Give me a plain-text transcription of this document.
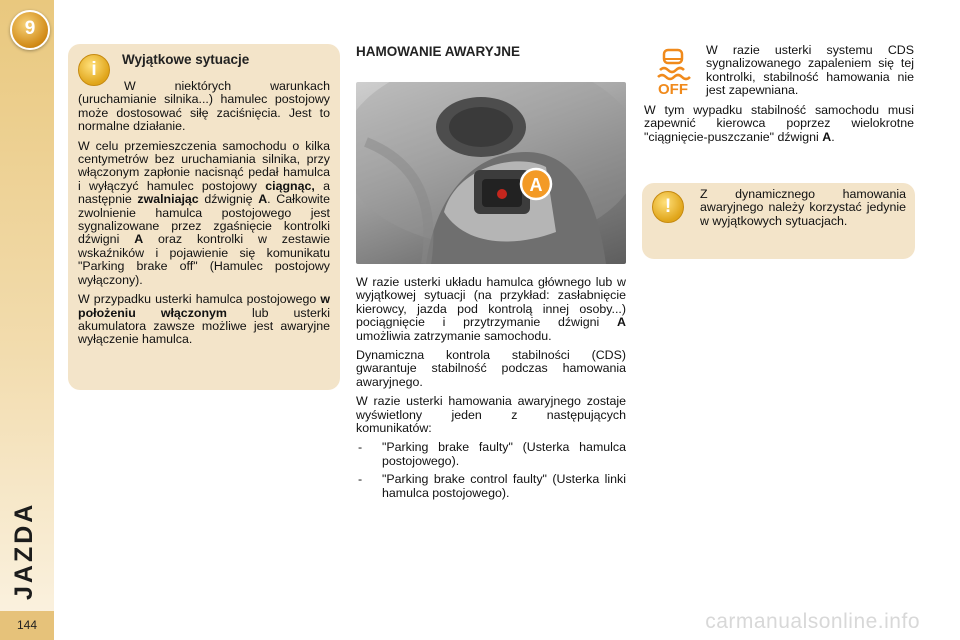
9
JAZDA
144
i	Wyjątkowe sytuacje

W niektórych warunkach (uruchamianie silnika...) hamulec postojowy może dostosować siłę zaciśnięcia. Jest to normalne działanie.

W celu przemieszczenia samochodu o kilka centymetrów bez uruchamiania silnika, przy włączonym zapłonie nacisnąć pedał hamulca i wyłączyć hamulec postojowy ciągnąc, a następnie zwalniając dźwignię A. Całkowite zwolnienie hamulca postojowego jest sygnalizowane przez zgaśnięcie kontrolki dźwigni A oraz kontrolki w zestawie wskaźników i pojawienie się komunikatu "Parking brake off" (Hamulec postojowy wyłączony).

W przypadku usterki hamulca postojowego w położeniu włączonym lub usterki akumulatora zawsze możliwe jest awaryjne wyłączenie hamulca.

HAMOWANIE AWARYJNE
A

W razie usterki układu hamulca głównego lub w wyjątkowej sytuacji (na przykład: zasłabnięcie kierowcy, jazda pod kontrolą innej osoby...) pociągnięcie i przytrzymanie dźwigni A umożliwia zatrzymanie samochodu.

Dynamiczna kontrola stabilności (CDS) gwarantuje stabilność podczas hamowania awaryjnego.

W razie usterki hamowania awaryjnego zostaje wyświetlony jeden z następujących komunikatów:

- "Parking brake faulty" (Usterka hamulca postojowego).
- "Parking brake control faulty" (Usterka linki hamulca postojowego).
OFF
W razie usterki systemu CDS sygnalizowanego zapaleniem się tej kontrolki, stabilność hamowania nie jest zapewniana.
W tym wypadku stabilność samochodu musi zapewnić kierowca poprzez wielokrotne "ciągnięcie-puszczanie" dźwigni A.
!
Z dynamicznego hamowania awaryjnego należy korzystać jedynie w wyjątkowych sytuacjach.
carmanualsonline.info
